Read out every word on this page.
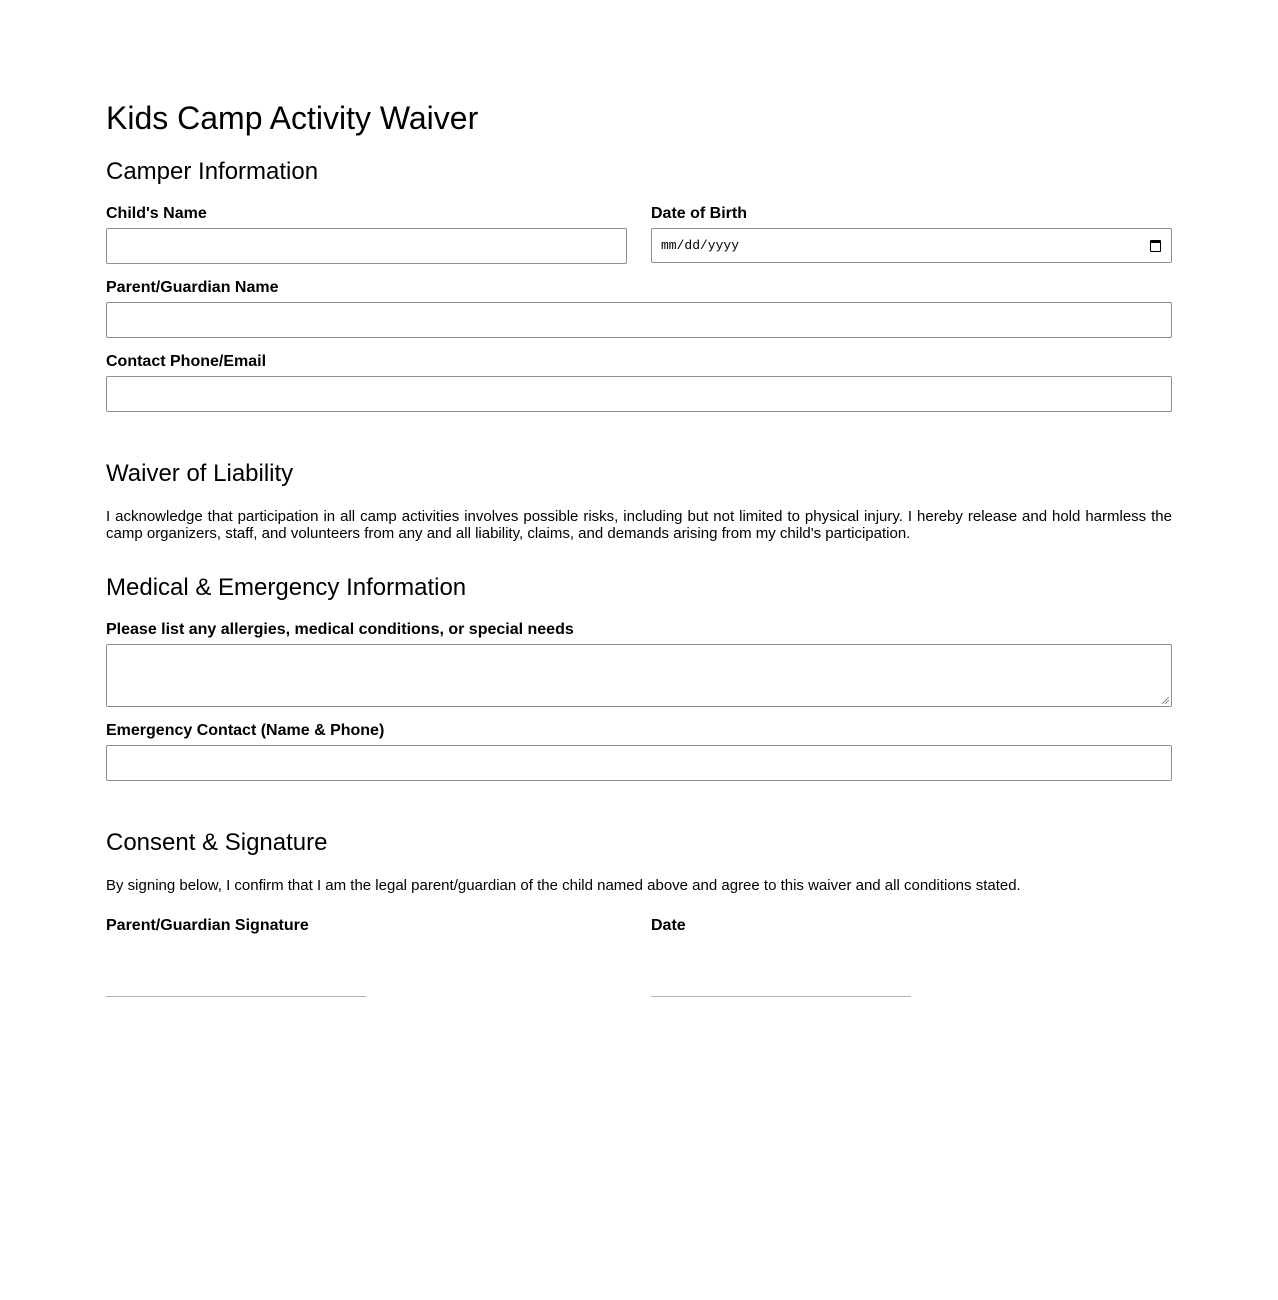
Kids Camp Activity Waiver
Camper Information
Child's Name	Date of Birth
mm/dd/yyyy
Parent/Guardian Name
Contact Phone/Email
Waiver of Liability

I acknowledge that participation in all camp activities involves possible risks, including but not limited to physical injury. I hereby release and hold harmless the camp organizers, staff, and volunteers from any and all liability, claims, and demands arising from my child's participation.

Medical & Emergency Information
Please list any allergies, medical conditions, or special needs
Emergency Contact (Name & Phone)
Consent & Signature

By signing below, I confirm that I am the legal parent/guardian of the child named above and agree to this waiver and all conditions stated.

Parent/Guardian Signature	Date
